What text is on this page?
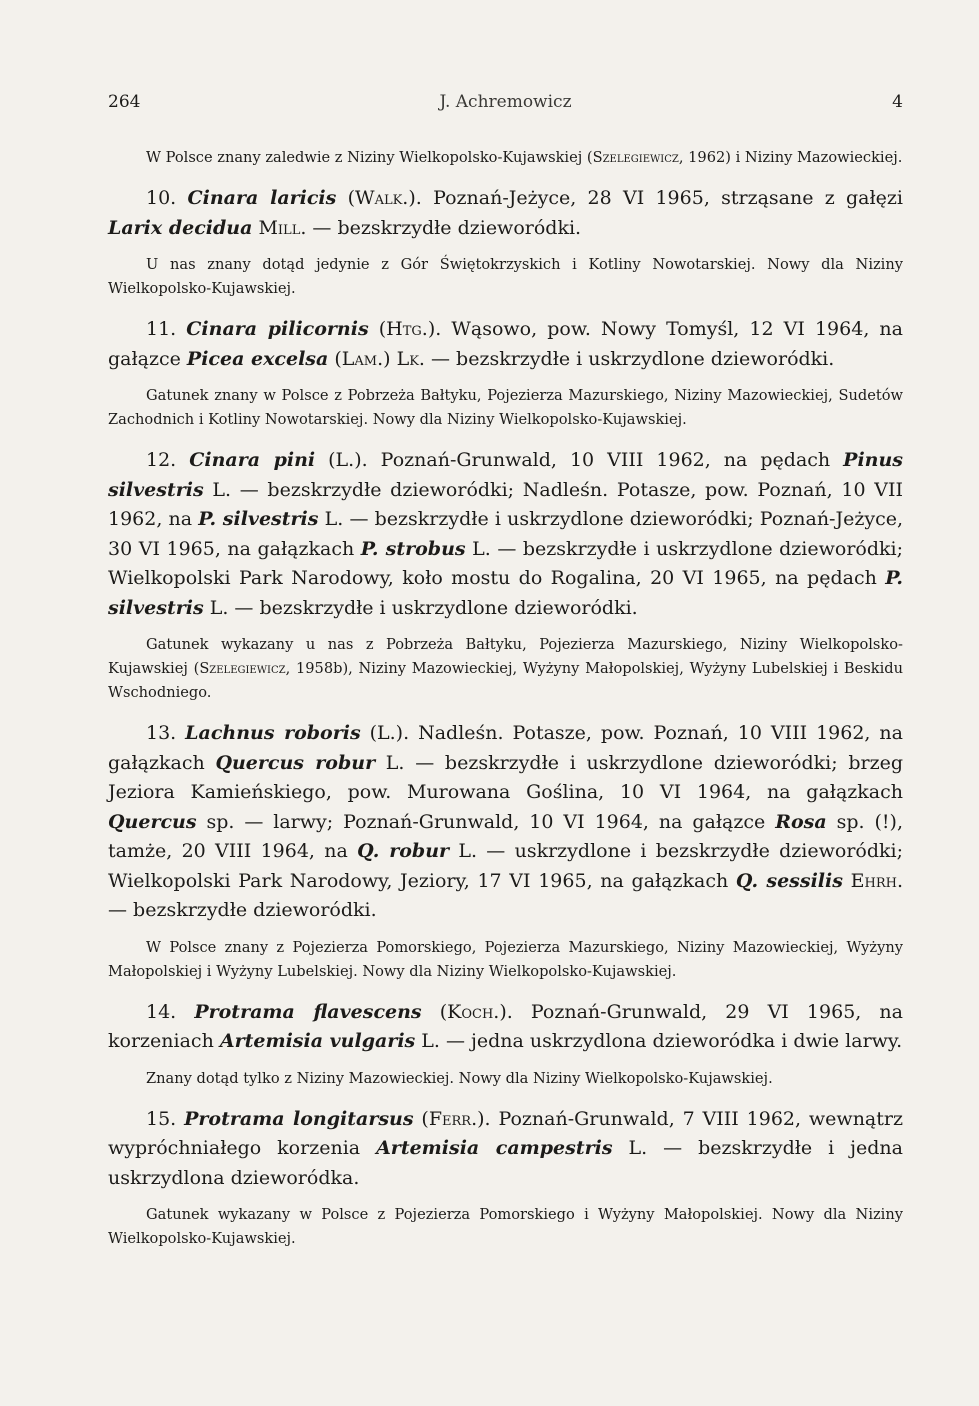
264	J. Achremowicz	4

W Polsce znany zaledwie z Niziny Wielkopolsko-Kujawskiej (Szelegiewicz, 1962) i Niziny Mazowieckiej.

10. Cinara laricis (Walk.). Poznań-Jeżyce, 28 VI 1965, strząsane z gałęzi Larix decidua Mill. — bezskrzydłe dzieworódki.

U nas znany dotąd jedynie z Gór Świętokrzyskich i Kotliny Nowotarskiej. Nowy dla Niziny Wielkopolsko-Kujawskiej.

11. Cinara pilicornis (Htg.). Wąsowo, pow. Nowy Tomyśl, 12 VI 1964, na gałązce Picea excelsa (Lam.) Lk. — bezskrzydłe i uskrzydlone dzieworódki.

Gatunek znany w Polsce z Pobrzeża Bałtyku, Pojezierza Mazurskiego, Niziny Mazowieckiej, Sudetów Zachodnich i Kotliny Nowotarskiej. Nowy dla Niziny Wielkopolsko-Kujawskiej.

12. Cinara pini (L.). Poznań-Grunwald, 10 VIII 1962, na pędach Pinus silvestris L. — bezskrzydłe dzieworódki; Nadleśn. Potasze, pow. Poznań, 10 VII 1962, na P. silvestris L. — bezskrzydłe i uskrzydlone dzieworódki; Poznań-Jeżyce, 30 VI 1965, na gałązkach P. strobus L. — bezskrzydłe i uskrzydlone dzieworódki; Wielkopolski Park Narodowy, koło mostu do Rogalina, 20 VI 1965, na pędach P. silvestris L. — bezskrzydłe i uskrzydlone dzieworódki.

Gatunek wykazany u nas z Pobrzeża Bałtyku, Pojezierza Mazurskiego, Niziny Wielkopolsko-Kujawskiej (Szelegiewicz, 1958b), Niziny Mazowieckiej, Wyżyny Małopolskiej, Wyżyny Lubelskiej i Beskidu Wschodniego.

13. Lachnus roboris (L.). Nadleśn. Potasze, pow. Poznań, 10 VIII 1962, na gałązkach Quercus robur L. — bezskrzydłe i uskrzydlone dzieworódki; brzeg Jeziora Kamieńskiego, pow. Murowana Goślina, 10 VI 1964, na gałązkach Quercus sp. — larwy; Poznań-Grunwald, 10 VI 1964, na gałązce Rosa sp. (!), tamże, 20 VIII 1964, na Q. robur L. — uskrzydlone i bezskrzydłe dzieworódki; Wielkopolski Park Narodowy, Jeziory, 17 VI 1965, na gałązkach Q. sessilis Ehrh. — bezskrzydłe dzieworódki.

W Polsce znany z Pojezierza Pomorskiego, Pojezierza Mazurskiego, Niziny Mazowieckiej, Wyżyny Małopolskiej i Wyżyny Lubelskiej. Nowy dla Niziny Wielkopolsko-Kujawskiej.

14. Protrama flavescens (Koch.). Poznań-Grunwald, 29 VI 1965, na korzeniach Artemisia vulgaris L. — jedna uskrzydlona dzieworódka i dwie larwy.

Znany dotąd tylko z Niziny Mazowieckiej. Nowy dla Niziny Wielkopolsko-Kujawskiej.

15. Protrama longitarsus (Ferr.). Poznań-Grunwald, 7 VIII 1962, wewnątrz wypróchniałego korzenia Artemisia campestris L. — bezskrzydłe i jedna uskrzydlona dzieworódka.

Gatunek wykazany w Polsce z Pojezierza Pomorskiego i Wyżyny Małopolskiej. Nowy dla Niziny Wielkopolsko-Kujawskiej.
